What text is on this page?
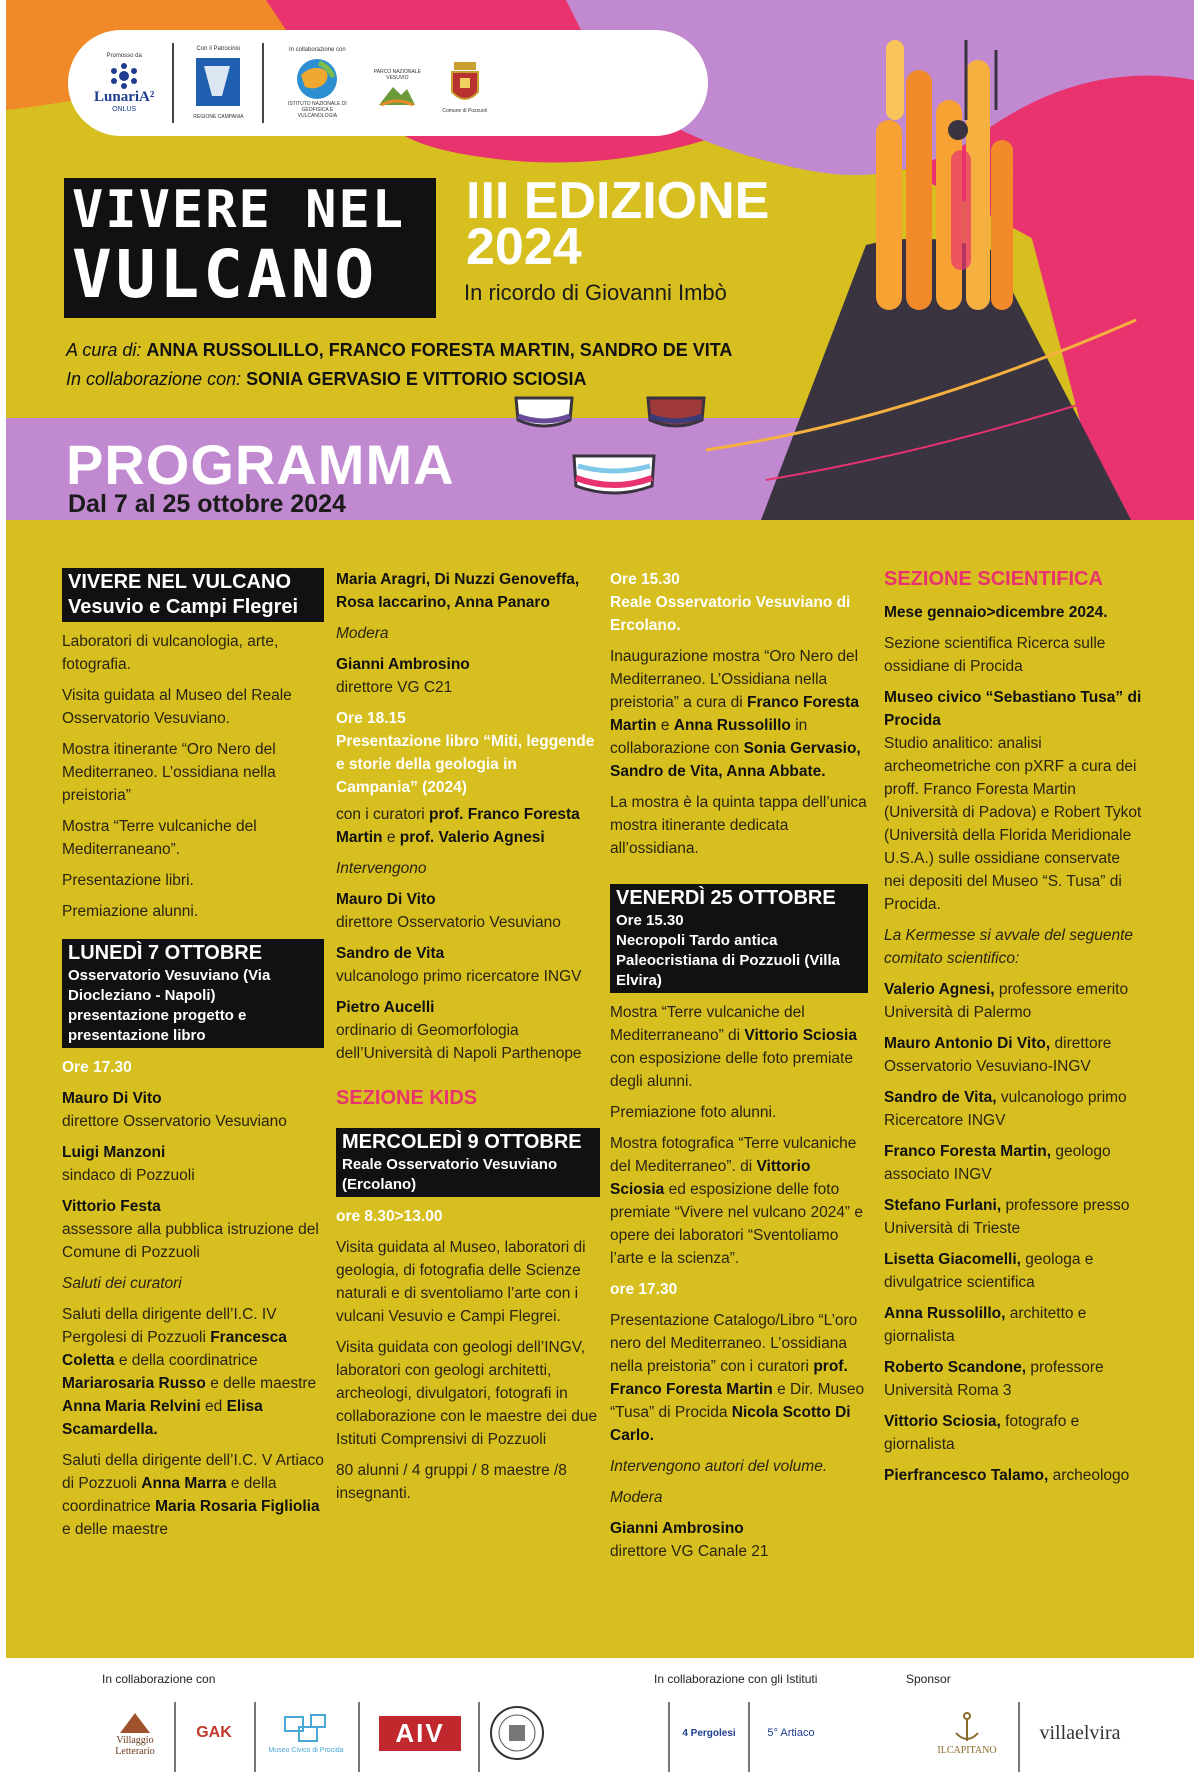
Promosso da
LunariA²
ONLUS
Con il Patrocinio
REGIONE CAMPANIA
In collaborazione con
ISTITUTO NAZIONALE DI GEOFISICA E VULCANOLOGIA
PARCO NAZIONALE VESUVIO
Comune di Pozzuoli
VIVERE NEL
VULCANO
III EDIZIONE
2024
In ricordo di Giovanni Imbò
A cura di: ANNA RUSSOLILLO, FRANCO FORESTA MARTIN, SANDRO DE VITA
In collaborazione con: SONIA GERVASIO E VITTORIO SCIOSIA
PROGRAMMA
Dal 7 al 25 ottobre 2024
VIVERE NEL VULCANO
Vesuvio e Campi Flegrei
Laboratori di vulcanologia, arte, fotografia.
Visita guidata al Museo del Reale Osservatorio Vesuviano.
Mostra itinerante “Oro Nero del Mediterraneo. L’ossidiana nella preistoria”
Mostra “Terre vulcaniche del Mediterraneano”.
Presentazione libri.
Premiazione alunni.
LUNEDÌ 7 OTTOBRE
Osservatorio Vesuviano (Via Diocleziano - Napoli) presentazione progetto e presentazione libro
Ore 17.30
Mauro Di Vito
direttore Osservatorio Vesuviano
Luigi Manzoni
sindaco di Pozzuoli
Vittorio Festa
assessore alla pubblica istruzione del Comune di Pozzuoli
Saluti dei curatori
Saluti della dirigente dell’I.C. IV Pergolesi di Pozzuoli Francesca Coletta e della coordinatrice Mariarosaria Russo e delle maestre Anna Maria Relvini ed Elisa Scamardella.
Saluti della dirigente dell’I.C. V Artiaco di Pozzuoli Anna Marra e della coordinatrice Maria Rosaria Figliolia e delle maestre
Maria Aragri, Di Nuzzi Genoveffa, Rosa Iaccarino, Anna Panaro
Modera
Gianni Ambrosino
direttore VG C21
Ore 18.15
Presentazione libro “Miti, leggende e storie della geologia in Campania” (2024)
con i curatori prof. Franco Foresta Martin e prof. Valerio Agnesi
Intervengono
Mauro Di Vito
direttore Osservatorio Vesuviano
Sandro de Vita
vulcanologo primo ricercatore INGV
Pietro Aucelli
ordinario di Geomorfologia dell’Università di Napoli Parthenope
SEZIONE KIDS
MERCOLEDÌ 9 OTTOBRE
Reale Osservatorio Vesuviano (Ercolano)
ore 8.30>13.00
Visita guidata al Museo, laboratori di geologia, di fotografia delle Scienze naturali e di sventoliamo l’arte con i vulcani Vesuvio e Campi Flegrei.
Visita guidata con geologi dell’INGV, laboratori con geologi architetti, archeologi, divulgatori, fotografi in collaborazione con le maestre dei due Istituti Comprensivi di Pozzuoli
80 alunni / 4 gruppi / 8 maestre /8 insegnanti.
Ore 15.30
Reale Osservatorio Vesuviano di Ercolano.
Inaugurazione mostra “Oro Nero del Mediterraneo. L’Ossidiana nella preistoria” a cura di Franco Foresta Martin e Anna Russolillo in collaborazione con Sonia Gervasio, Sandro de Vita, Anna Abbate.
La mostra è la quinta tappa dell’unica mostra itinerante dedicata all’ossidiana.
VENERDÌ 25 OTTOBRE
Ore 15.30
Necropoli Tardo antica Paleocristiana di Pozzuoli (Villa Elvira)
Mostra “Terre vulcaniche del Mediterraneano” di Vittorio Sciosia con esposizione delle foto premiate degli alunni.
Premiazione foto alunni.
Mostra fotografica “Terre vulcaniche del Mediterraneo”. di Vittorio Sciosia ed esposizione delle foto premiate “Vivere nel vulcano 2024” e opere dei laboratori “Sventoliamo l’arte e la scienza”.
ore 17.30
Presentazione Catalogo/Libro “L’oro nero del Mediterraneo. L’ossidiana nella preistoria” con i curatori prof. Franco Foresta Martin e Dir. Museo “Tusa” di Procida Nicola Scotto Di Carlo.
Intervengono autori del volume.
Modera
Gianni Ambrosino
direttore VG Canale 21
SEZIONE SCIENTIFICA
Mese gennaio>dicembre 2024.
Sezione scientifica Ricerca sulle ossidiane di Procida
Museo civico “Sebastiano Tusa” di Procida
Studio analitico: analisi archeometriche con pXRF a cura dei proff. Franco Foresta Martin (Università di Padova) e Robert Tykot (Università della Florida Meridionale U.S.A.) sulle ossidiane conservate nei depositi del Museo “S. Tusa” di Procida.
La Kermesse si avvale del seguente comitato scientifico:
Valerio Agnesi, professore emerito Università di Palermo
Mauro Antonio Di Vito, direttore Osservatorio Vesuviano-INGV
Sandro de Vita, vulcanologo primo Ricercatore INGV
Franco Foresta Martin, geologo associato INGV
Stefano Furlani, professore presso Università di Trieste
Lisetta Giacomelli, geologa e divulgatrice scientifica
Anna Russolillo, architetto e giornalista
Roberto Scandone, professore Università Roma 3
Vittorio Sciosia, fotografo e giornalista
Pierfrancesco Talamo, archeologo
In collaborazione con	In collaborazione con gli Istituti	Sponsor
Villaggio Letterario
GAK
Museo Civico di Procida
AIV	4 Pergolesi	5° Artiaco
ILCAPITANO
villaelvira
